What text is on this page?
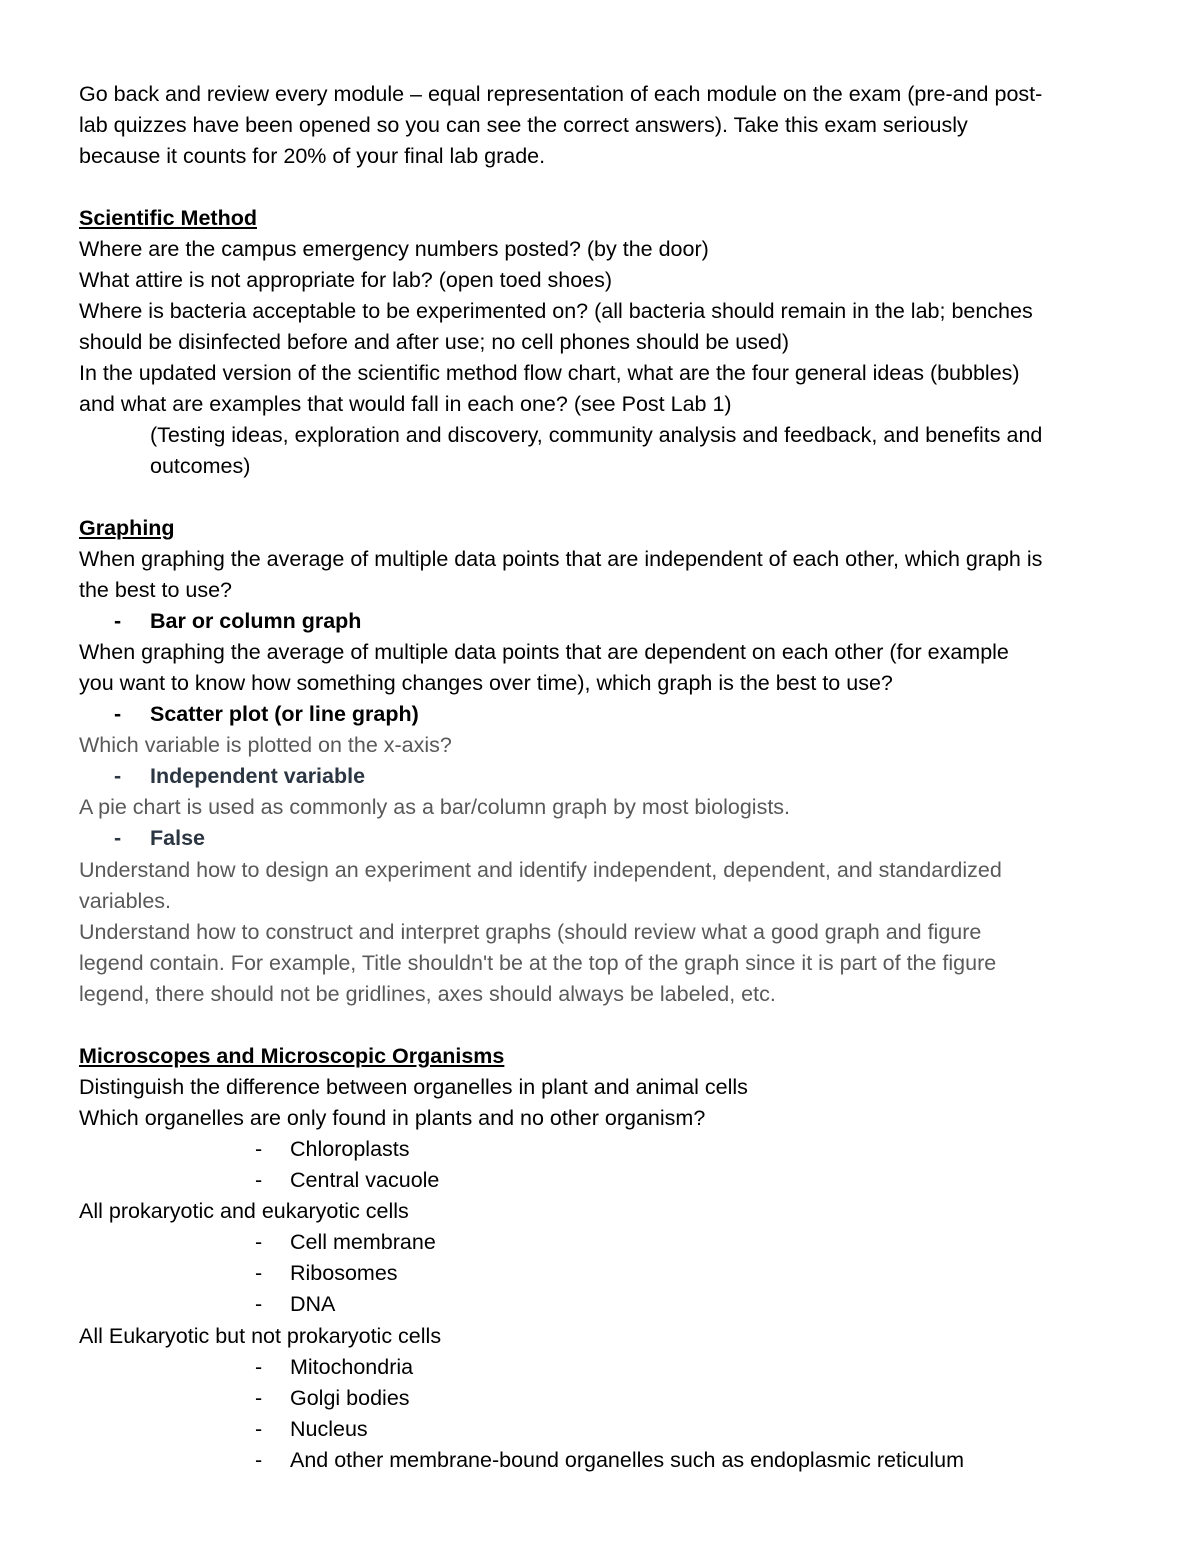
Go back and review every module – equal representation of each module on the exam (pre-and post-
lab quizzes have been opened so you can see the correct answers). Take this exam seriously
because it counts for 20% of your final lab grade.
Scientific Method
Where are the campus emergency numbers posted? (by the door)
What attire is not appropriate for lab? (open toed shoes)
Where is bacteria acceptable to be experimented on? (all bacteria should remain in the lab; benches
should be disinfected before and after use; no cell phones should be used)
In the updated version of the scientific method flow chart, what are the four general ideas (bubbles)
and what are examples that would fall in each one? (see Post Lab 1)
(Testing ideas, exploration and discovery, community analysis and feedback, and benefits and
outcomes)
Graphing
When graphing the average of multiple data points that are independent of each other, which graph is
the best to use?
- Bar or column graph
When graphing the average of multiple data points that are dependent on each other (for example
you want to know how something changes over time), which graph is the best to use?
- Scatter plot (or line graph)
Which variable is plotted on the x-axis?
- Independent variable
A pie chart is used as commonly as a bar/column graph by most biologists.
- False
Understand how to design an experiment and identify independent, dependent, and standardized
variables.
Understand how to construct and interpret graphs (should review what a good graph and figure
legend contain. For example, Title shouldn't be at the top of the graph since it is part of the figure
legend, there should not be gridlines, axes should always be labeled, etc.
Microscopes and Microscopic Organisms
Distinguish the difference between organelles in plant and animal cells
Which organelles are only found in plants and no other organism?
- Chloroplasts
- Central vacuole
All prokaryotic and eukaryotic cells
- Cell membrane
- Ribosomes
- DNA
All Eukaryotic but not prokaryotic cells
- Mitochondria
- Golgi bodies
- Nucleus
- And other membrane-bound organelles such as endoplasmic reticulum
